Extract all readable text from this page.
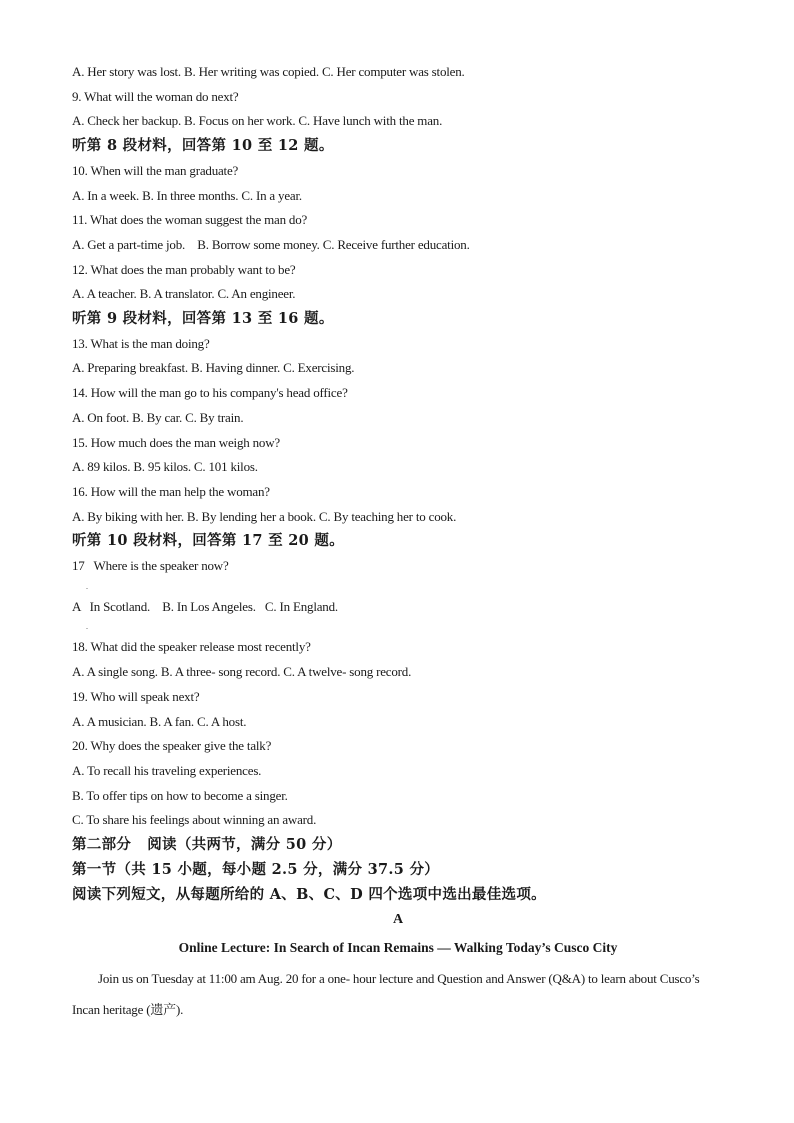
A. Her story was lost. B. Her writing was copied. C. Her computer was stolen.
9. What will the woman do next?
A. Check her backup. B. Focus on her work. C. Have lunch with the man.
听第 8 段材料，回答第 10 至 12 题。
10. When will the man graduate?
A. In a week. B. In three months. C. In a year.
11. What does the woman suggest the man do?
A. Get a part-time job.    B. Borrow some money. C. Receive further education.
12. What does the man probably want to be?
A. A teacher. B. A translator. C. An engineer.
听第 9 段材料，回答第 13 至 16 题。
13. What is the man doing?
A. Preparing breakfast. B. Having dinner. C. Exercising.
14. How will the man go to his company's head office?
A. On foot. B. By car. C. By train.
15. How much does the man weigh now?
A. 89 kilos. B. 95 kilos. C. 101 kilos.
16. How will the man help the woman?
A. By biking with her. B. By lending her a book. C. By teaching her to cook.
听第 10 段材料，回答第 17 至 20 题。
17   Where is the speaker now?
.
A   In Scotland.    B. In Los Angeles.   C. In England.
.
18. What did the speaker release most recently?
A. A single song. B. A three- song record. C. A twelve- song record.
19. Who will speak next?
A. A musician. B. A fan. C. A host.
20. Why does the speaker give the talk?
A. To recall his traveling experiences.
B. To offer tips on how to become a singer.
C. To share his feelings about winning an award.
第二部分   阅读（共两节，满分 50 分）
第一节（共 15 小题，每小题 2.5 分，满分 37.5 分）
阅读下列短文，从每题所给的 A、B、C、D 四个选项中选出最佳选项。
A
Online Lecture: In Search of Incan Remains — Walking Today’s Cusco City
Join us on Tuesday at 11:00 am Aug. 20 for a one- hour lecture and Question and Answer (Q&A) to learn about Cusco’s Incan heritage (遗产).
